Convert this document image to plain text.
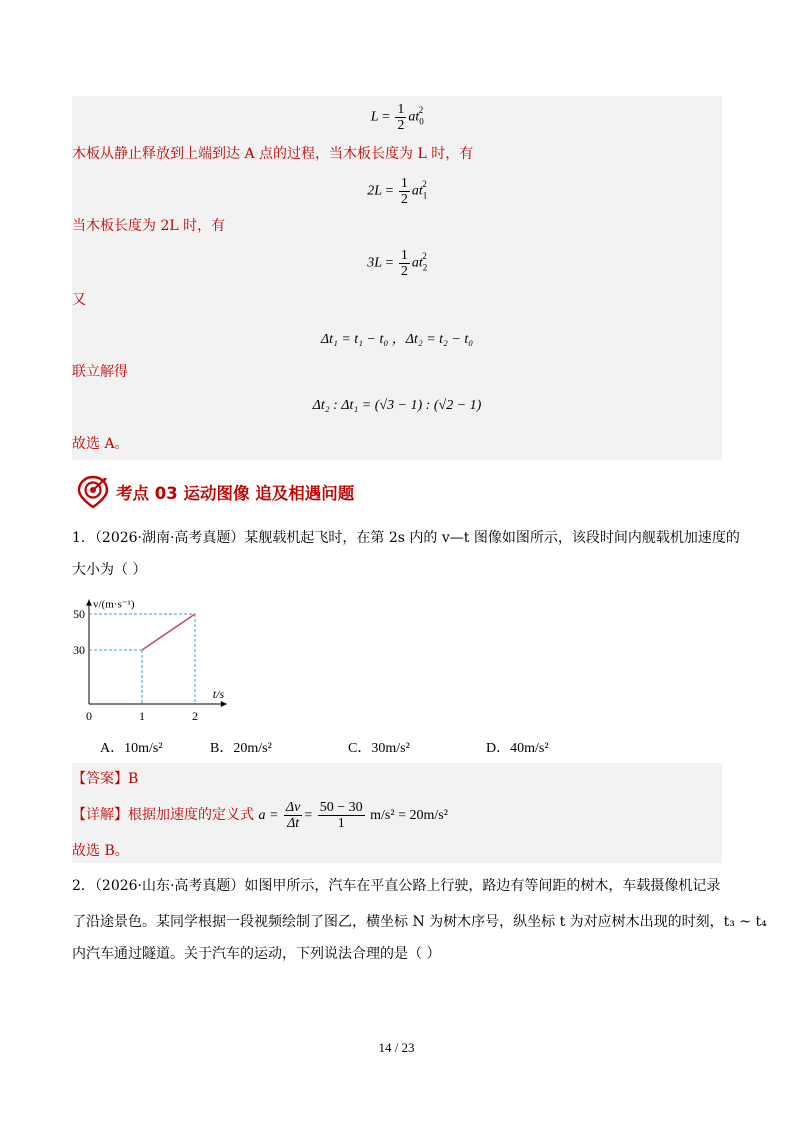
$L = \frac{1}{2} at_0^2$
木板从静止释放到上端到达 A 点的过程，当木板长度为 L 时，有
$2L = \frac{1}{2} at_1^2$
当木板长度为 2L 时，有
$3L = \frac{1}{2} at_2^2$
又
Δt₁ = t₁ − t₀ ，Δt₂ = t₂ − t₀
联立解得
Δt₂ : Δt₁ = (√3 − 1) : (√2 − 1)
故选 A。
考点 03 运动图像 追及相遇问题
1．（2026·湖南·高考真题）某舰载机起飞时，在第 2s 内的 v—t 图像如图所示，该段时间内舰载机加速度的
大小为（ ）
0	1	2
30
50
t/s
v/(m·s⁻¹)
A．10m/s²	B．20m/s²	C．30m/s²	D．40m/s²
【答案】B
【详解】根据加速度的定义式 $a = \frac{\Delta v}{\Delta t} = \frac{50 - 30}{1} m/s^2 = 20m/s^2$
故选 B。
2．（2026·山东·高考真题）如图甲所示，汽车在平直公路上行驶，路边有等间距的树木，车载摄像机记录
了沿途景色。某同学根据一段视频绘制了图乙，横坐标 N 为树木序号，纵坐标 t 为对应树木出现的时刻，t₃ ~ t₄
内汽车通过隧道。关于汽车的运动，下列说法合理的是（ ）
14 / 23
